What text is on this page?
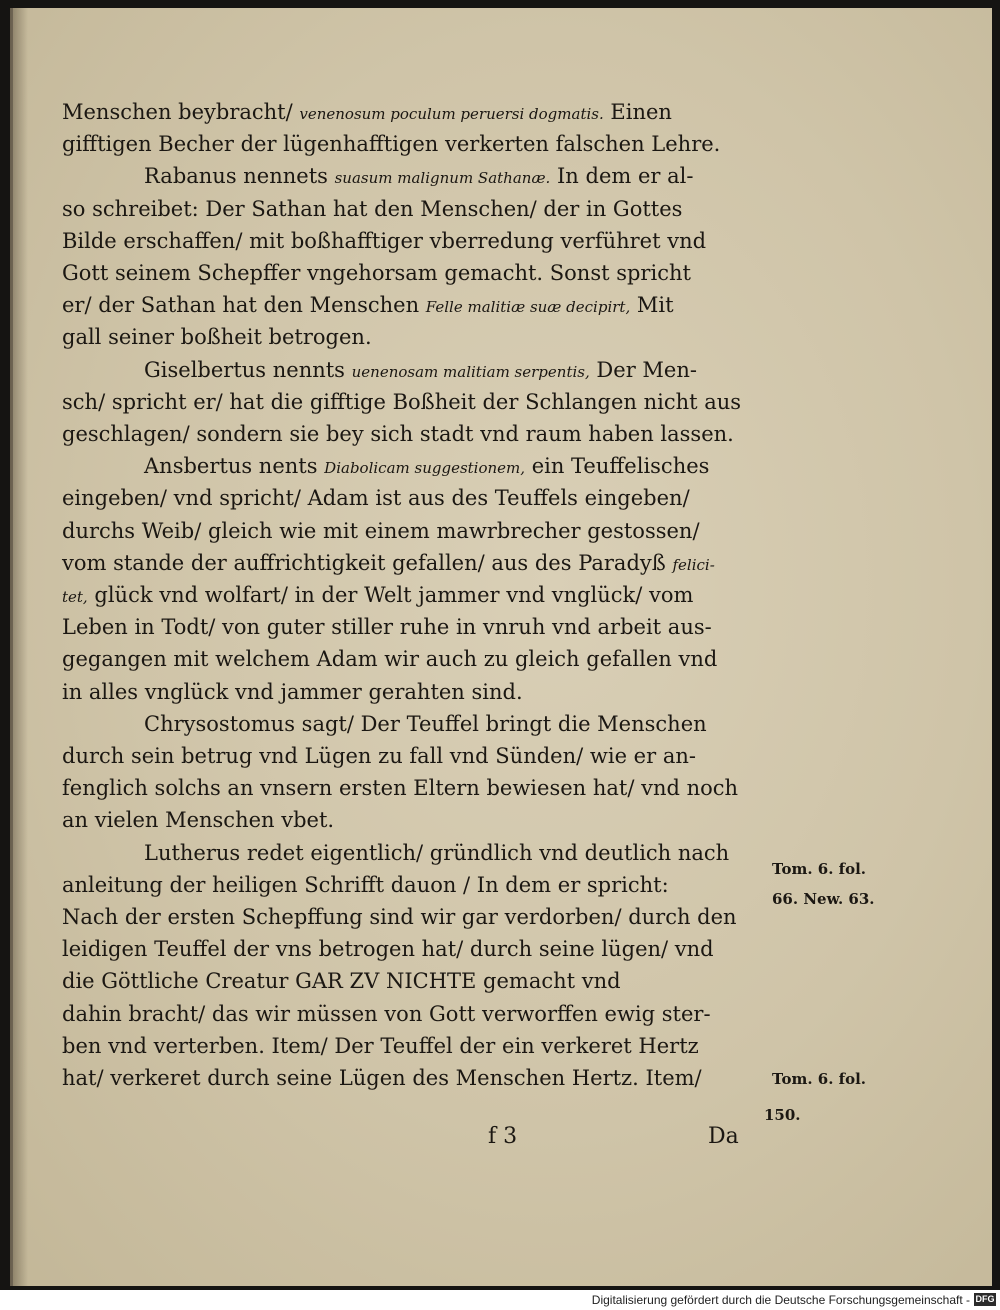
Menschen beybracht/ venenosum poculum peruersi dogmatis. Einen
gifftigen Becher der lügenhafftigen verkerten falschen Lehre.
Rabanus nennets suasum malignum Sathanæ. In dem er al-
so schreibet: Der Sathan hat den Menschen/ der in Gottes
Bilde erschaffen/ mit boßhafftiger vberredung verführet vnd
Gott seinem Schepffer vngehorsam gemacht. Sonst spricht
er/ der Sathan hat den Menschen Felle malitiæ suæ decipirt, Mit
gall seiner boßheit betrogen.
Giselbertus nennts uenenosam malitiam serpentis, Der Men-
sch/ spricht er/ hat die gifftige Boßheit der Schlangen nicht aus
geschlagen/ sondern sie bey sich stadt vnd raum haben lassen.
Ansbertus nents Diabolicam suggestionem, ein Teuffelisches
eingeben/ vnd spricht/ Adam ist aus des Teuffels eingeben/
durchs Weib/ gleich wie mit einem mawrbrecher gestossen/
vom stande der auffrichtigkeit gefallen/ aus des Paradyß felici-
tet, glück vnd wolfart/ in der Welt jammer vnd vnglück/ vom
Leben in Todt/ von guter stiller ruhe in vnruh vnd arbeit aus-
gegangen mit welchem Adam wir auch zu gleich gefallen vnd
in alles vnglück vnd jammer gerahten sind.
Chrysostomus sagt/ Der Teuffel bringt die Menschen
durch sein betrug vnd Lügen zu fall vnd Sünden/ wie er an-
fenglich solchs an vnsern ersten Eltern bewiesen hat/ vnd noch
an vielen Menschen vbet.
Lutherus redet eigentlich/ gründlich vnd deutlich nach
anleitung der heiligen Schrifft dauon / In dem er spricht:
Nach der ersten Schepffung sind wir gar verdorben/ durch den
leidigen Teuffel der vns betrogen hat/ durch seine lügen/ vnd
die Göttliche Creatur GAR ZV NICHTE gemacht vnd
dahin bracht/ das wir müssen von Gott verworffen ewig ster-
ben vnd verterben. Item/ Der Teuffel der ein verkeret Hertz
hat/ verkeret durch seine Lügen des Menschen Hertz. Item/
Tom. 6. fol.
66. New. 63.
Tom. 6. fol.
150.
f 3	Da
Digitalisierung gefördert durch die Deutsche Forschungsgemeinschaft - DFG
